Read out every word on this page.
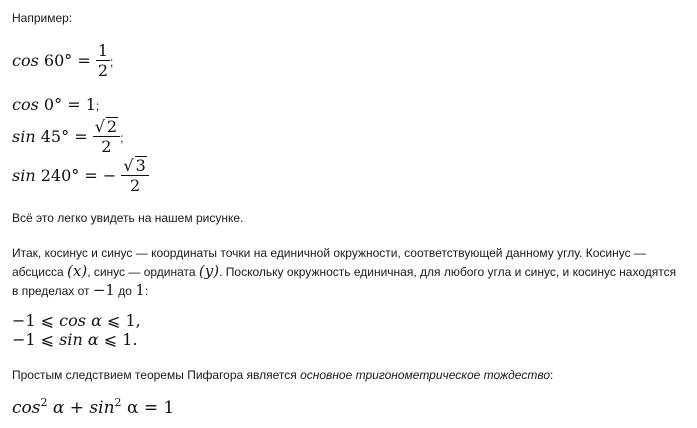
Например:
$\cos 60^\circ = \frac{1}{2}$ ;
cos 0° = 1;
$\sin 45^\circ = \frac{√ 2}{2}$ ;
sin 240° = − $\frac{√ 3}{2}$
Всё это легко увидеть на нашем рисунке.
Итак, косинус и синус — координаты точки на единичной окружности, соответствующей данному углу. Косинус —
абсцисса (x), синус — ордината (y). Поскольку окружность единичная, для любого угла и синус, и косинус находятся
в пределах от −1 до 1:
−1 ⩽ cos α ⩽ 1,
−1 ⩽ sin α ⩽ 1.
Простым следствием теоремы Пифагора является основное тригонометрическое тождество:
$\cos^2 \alpha + \sin^2 \alpha = 1$
